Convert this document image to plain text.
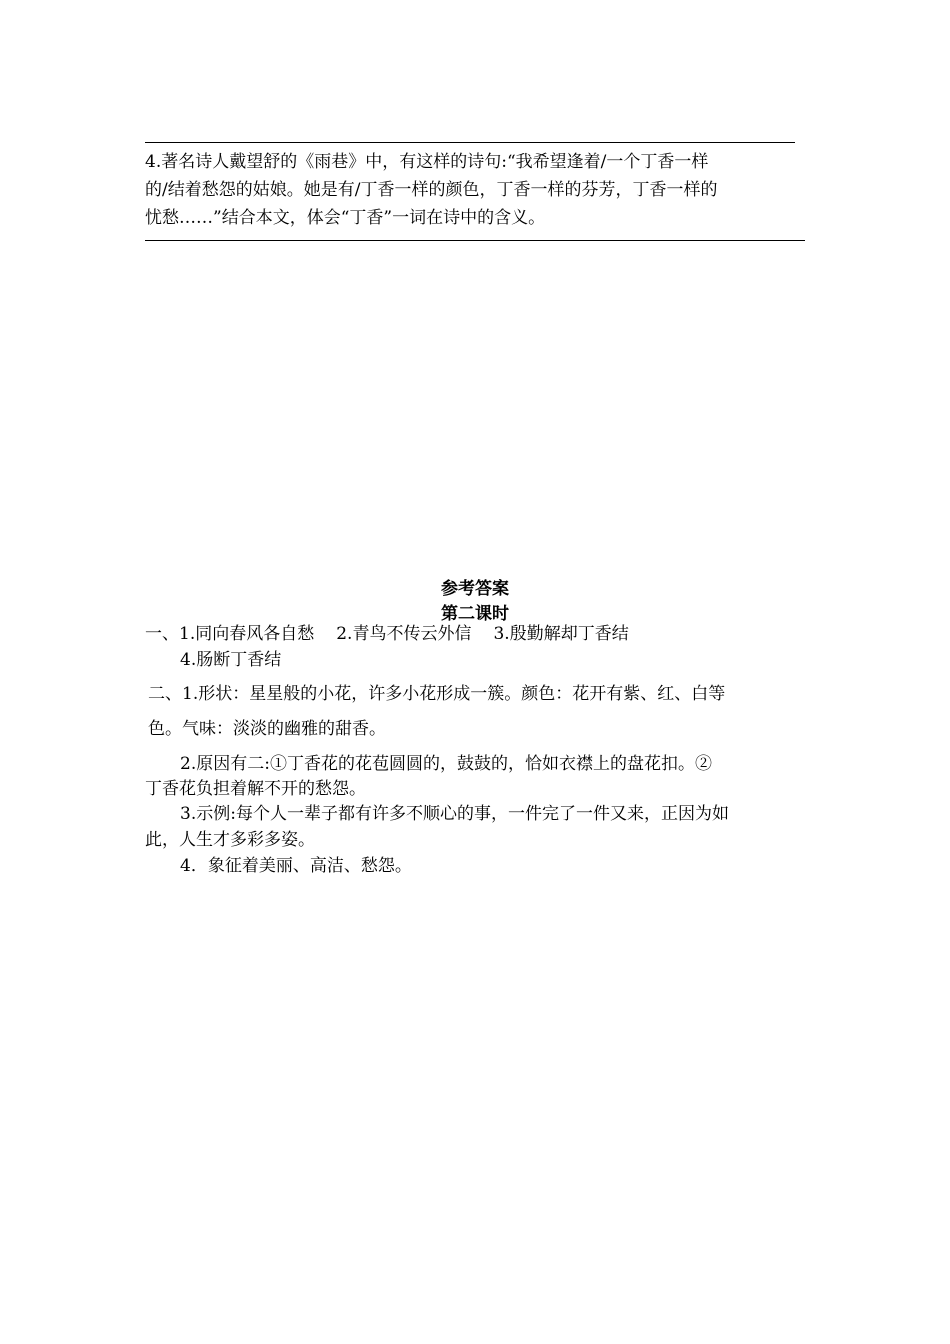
4.著名诗人戴望舒的《雨巷》中，有这样的诗句:“我希望逢着/一个丁香一样
的/结着愁怨的姑娘。她是有/丁香一样的颜色，丁香一样的芬芳，丁香一样的
忧愁……”结合本文，体会“丁香”一词在诗中的含义。
参考答案
第二课时
一、1.同向春风各自愁 2.青鸟不传云外信 3.殷勤解却丁香结
4.肠断丁香结
二、1.形状：星星般的小花，许多小花形成一簇。颜色：花开有紫、红、白等
色。气味：淡淡的幽雅的甜香。
2.原因有二:①丁香花的花苞圆圆的，鼓鼓的，恰如衣襟上的盘花扣。②
丁香花负担着解不开的愁怨。
3.示例:每个人一辈子都有许多不顺心的事，一件完了一件又来，正因为如
此，人生才多彩多姿。
4．象征着美丽、高洁、愁怨。
